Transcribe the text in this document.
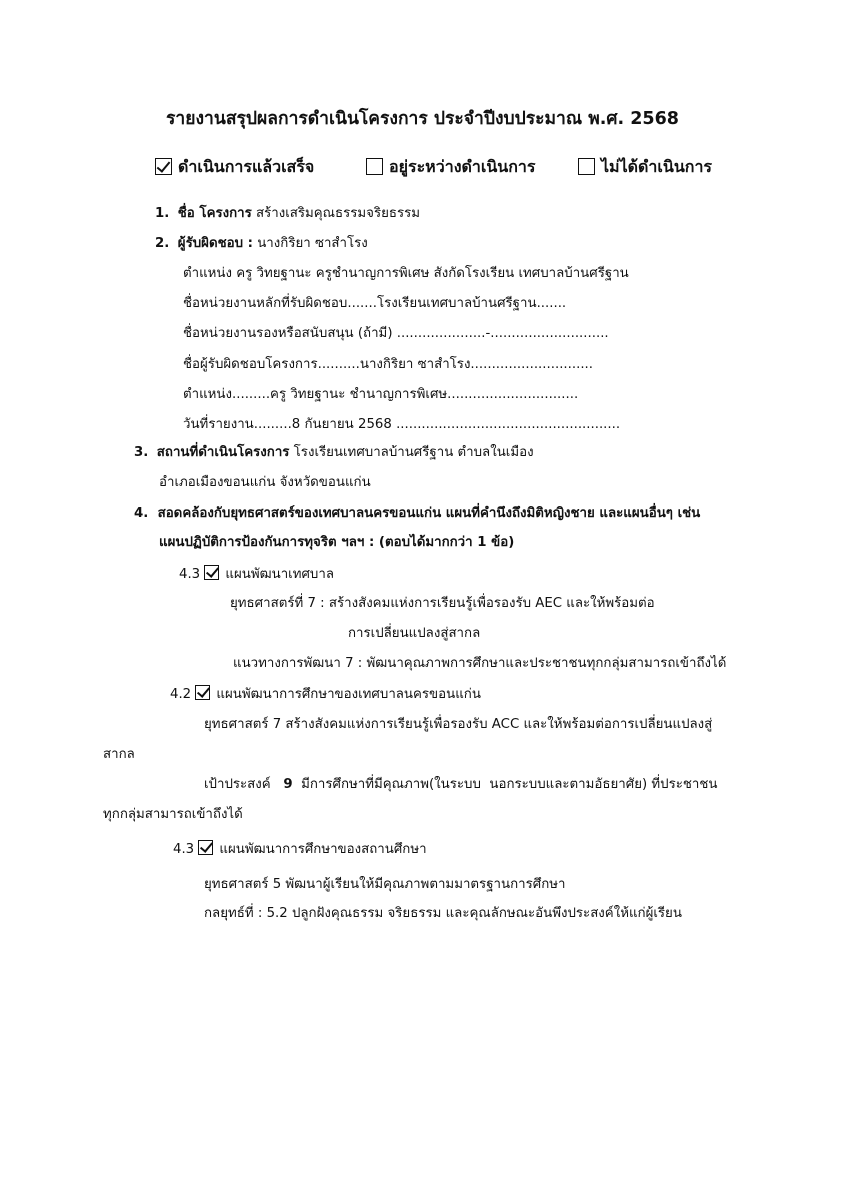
รายงานสรุปผลการดำเนินโครงการ ประจำปีงบประมาณ พ.ศ. 2568
ดำเนินการแล้วเสร็จ	อยู่ระหว่างดำเนินการ	ไม่ได้ดำเนินการ
1. ชื่อ โครงการ สร้างเสริมคุณธรรมจริยธรรม
2. ผู้รับผิดชอบ : นางกิริยา ซาสำโรง
ตำแหน่ง ครู วิทยฐานะ ครูชำนาญการพิเศษ สังกัดโรงเรียน เทศบาลบ้านศรีฐาน
ชื่อหน่วยงานหลักที่รับผิดชอบ.......โรงเรียนเทศบาลบ้านศรีฐาน.......
ชื่อหน่วยงานรองหรือสนับสนุน (ถ้ามี) .....................-............................
ชื่อผู้รับผิดชอบโครงการ..........นางกิริยา ซาสำโรง.............................
ตำแหน่ง.........ครู วิทยฐานะ ชำนาญการพิเศษ...............................
วันที่รายงาน.........8 กันยายน 2568 .....................................................
3. สถานที่ดำเนินโครงการ โรงเรียนเทศบาลบ้านศรีฐาน ตำบลในเมือง
อำเภอเมืองขอนแก่น จังหวัดขอนแก่น
4. สอดคล้องกับยุทธศาสตร์ของเทศบาลนครขอนแก่น แผนที่คำนึงถึงมิติหญิงชาย และแผนอื่นๆ เช่น
แผนปฏิบัติการป้องกันการทุจริต ฯลฯ : (ตอบได้มากกว่า 1 ข้อ)
4.3 แผนพัฒนาเทศบาล
ยุทธศาสตร์ที่ 7 : สร้างสังคมแห่งการเรียนรู้เพื่อรองรับ AEC และให้พร้อมต่อ
การเปลี่ยนแปลงสู่สากล
แนวทางการพัฒนา 7 : พัฒนาคุณภาพการศึกษาและประชาชนทุกกลุ่มสามารถเข้าถึงได้
4.2 แผนพัฒนาการศึกษาของเทศบาลนครขอนแก่น
ยุทธศาสตร์ 7 สร้างสังคมแห่งการเรียนรู้เพื่อรองรับ ACC และให้พร้อมต่อการเปลี่ยนแปลงสู่
สากล
เป้าประสงค์   9  มีการศึกษาที่มีคุณภาพ(ในระบบ  นอกระบบและตามอัธยาศัย) ที่ประชาชน
ทุกกลุ่มสามารถเข้าถึงได้
4.3 แผนพัฒนาการศึกษาของสถานศึกษา
ยุทธศาสตร์ 5 พัฒนาผู้เรียนให้มีคุณภาพตามมาตรฐานการศึกษา
กลยุทธ์ที่ : 5.2 ปลูกฝังคุณธรรม จริยธรรม และคุณลักษณะอันพึงประสงค์ให้แก่ผู้เรียน
